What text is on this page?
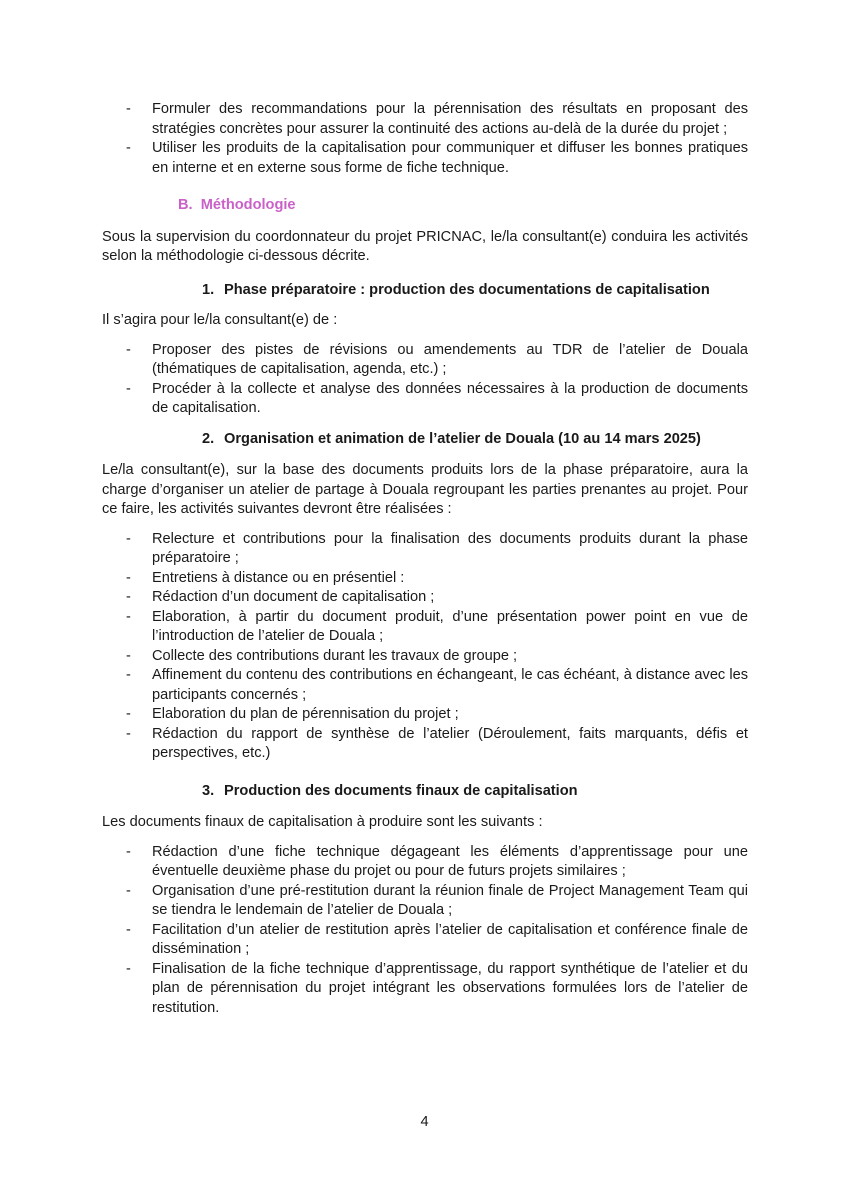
- Formuler des recommandations pour la pérennisation des résultats en proposant des stratégies concrètes pour assurer la continuité des actions au-delà de la durée du projet ;
- Utiliser les produits de la capitalisation pour communiquer et diffuser les bonnes pratiques en interne et en externe sous forme de fiche technique.
B. Méthodologie

Sous la supervision du coordonnateur du projet PRICNAC, le/la consultant(e) conduira les activités selon la méthodologie ci-dessous décrite.

1. Phase préparatoire : production des documentations de capitalisation

Il s’agira pour le/la consultant(e) de :

- Proposer des pistes de révisions ou amendements au TDR de l’atelier de Douala (thématiques de capitalisation, agenda, etc.) ;
- Procéder à la collecte et analyse des données nécessaires à la production de documents de capitalisation.
2. Organisation et animation de l’atelier de Douala (10 au 14 mars 2025)

Le/la consultant(e), sur la base des documents produits lors de la phase préparatoire, aura la charge d’organiser un atelier de partage à Douala regroupant les parties prenantes au projet. Pour ce faire, les activités suivantes devront être réalisées :

- Relecture et contributions pour la finalisation des documents produits durant la phase préparatoire ;
- Entretiens à distance ou en présentiel :
- Rédaction d’un document de capitalisation ;
- Elaboration, à partir du document produit, d’une présentation power point en vue de l’introduction de l’atelier de Douala ;
- Collecte des contributions durant les travaux de groupe ;
- Affinement du contenu des contributions en échangeant, le cas échéant, à distance avec les participants concernés ;
- Elaboration du plan de pérennisation du projet ;
- Rédaction du rapport de synthèse de l’atelier (Déroulement, faits marquants, défis et perspectives, etc.)
3. Production des documents finaux de capitalisation

Les documents finaux de capitalisation à produire sont les suivants :

- Rédaction d’une fiche technique dégageant les éléments d’apprentissage pour une éventuelle deuxième phase du projet ou pour de futurs projets similaires ;
- Organisation d’une pré-restitution durant la réunion finale de Project Management Team qui se tiendra le lendemain de l’atelier de Douala ;
- Facilitation d’un atelier de restitution après l’atelier de capitalisation et conférence finale de dissémination ;
- Finalisation de la fiche technique d’apprentissage, du rapport synthétique de l’atelier et du plan de pérennisation du projet intégrant les observations formulées lors de l’atelier de restitution.
4
